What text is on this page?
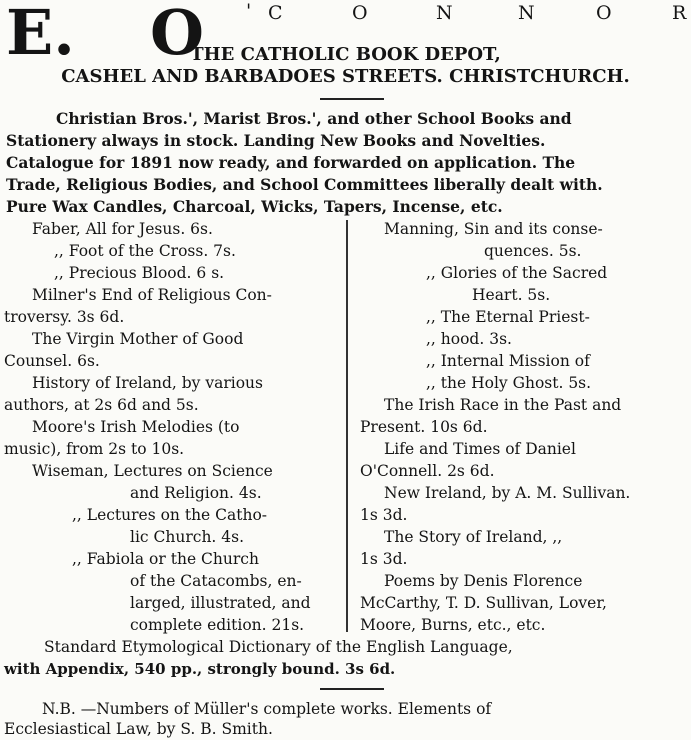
E. O ' C	O	N	N	O	R
THE CATHOLIC BOOK DEPOT,
CASHEL AND BARBADOES STREETS. CHRISTCHURCH.
Christian Bros.', Marist Bros.', and other School Books and
Stationery always in stock. Landing New Books and Novelties.
Catalogue for 1891 now ready, and forwarded on application. The
Trade, Religious Bodies, and School Committees liberally dealt with.
Pure Wax Candles, Charcoal, Wicks, Tapers, Incense, etc.
Faber, All for Jesus. 6s.
,, Foot of the Cross. 7s.
,, Precious Blood. 6 s.
Milner's End of Religious Con-
troversy. 3s 6d.
The Virgin Mother of Good
Counsel. 6s.
History of Ireland, by various
authors, at 2s 6d and 5s.
Moore's Irish Melodies (to
music), from 2s to 10s.
Wiseman, Lectures on Science
and Religion. 4s.
,, Lectures on the Catho-
lic Church. 4s.
,, Fabiola or the Church
of the Catacombs, en-
larged, illustrated, and
complete edition. 21s.
Manning, Sin and its conse-
quences. 5s.
,, Glories of the Sacred
Heart. 5s.
,, The Eternal Priest-
,, hood. 3s.
,, Internal Mission of
,, the Holy Ghost. 5s.
The Irish Race in the Past and
Present. 10s 6d.
Life and Times of Daniel
O'Connell. 2s 6d.
New Ireland, by A. M. Sullivan.
1s 3d.
The Story of Ireland, ,,
1s 3d.
Poems by Denis Florence
McCarthy, T. D. Sullivan, Lover,
Moore, Burns, etc., etc.
Standard Etymological Dictionary of the English Language,
with Appendix, 540 pp., strongly bound. 3s 6d.
N.B. —Numbers of Müller's complete works. Elements of
Ecclesiastical Law, by S. B. Smith.
